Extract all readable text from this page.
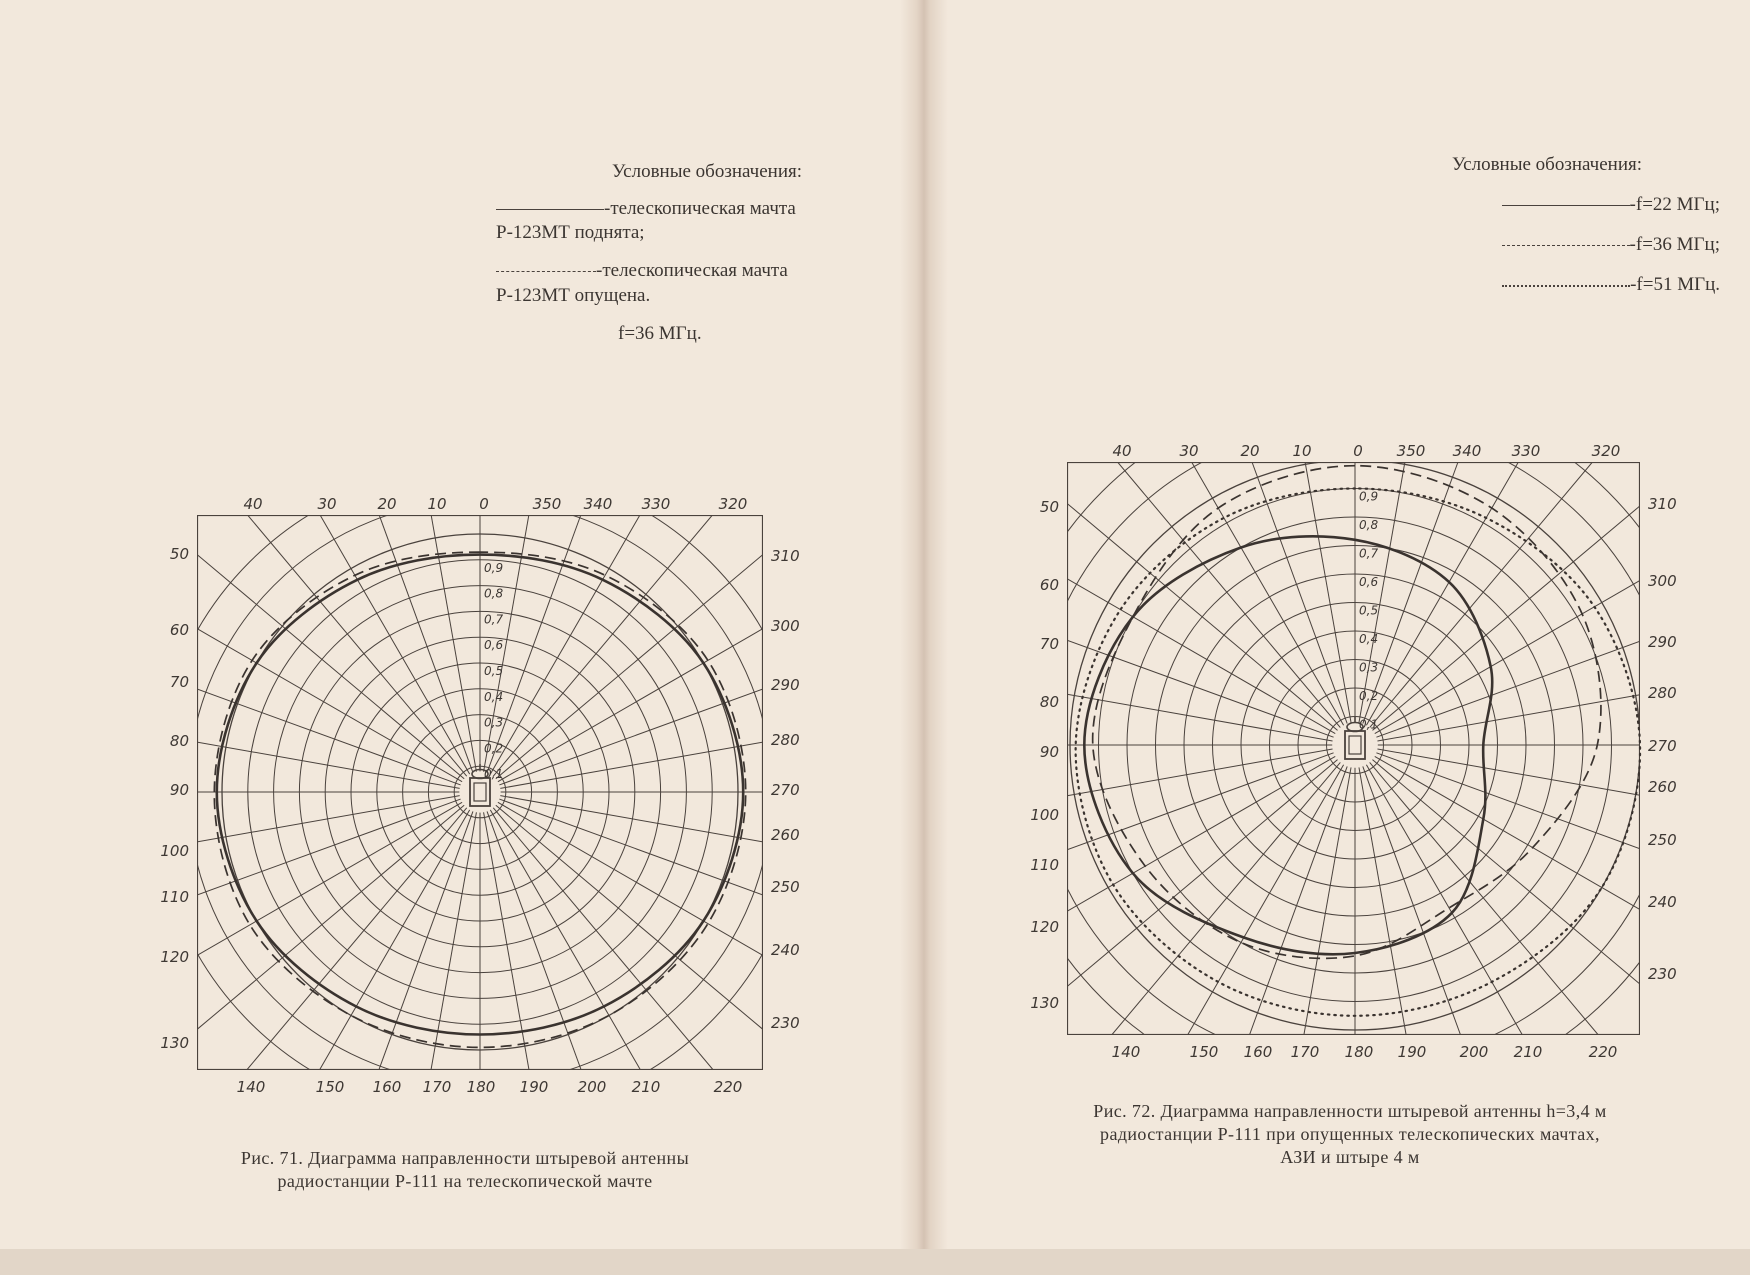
Условные обозначения:
-телескопическая мачта
Р-123МТ поднята;
-телескопическая мачта
Р-123МТ опущена.
f=36 МГц.
0,1
0,2
0,3
0,4
0,5
0,6
0,7
0,8
0,9
40	30	20 10 0	350 340 330	320
140	150 160 170 180 190 200 210	220
50
60
70
80
90
100
110
120
130
310
300
290
280
270
260
250
240
230
Рис. 71. Диаграмма направленности штыревой антенны
радиостанции Р-111 на телескопической мачте
Условные обозначения:
-f=22 МГц;
-f=36 МГц;
-f=51 МГц.
0,1
0,2
0,3
0,4
0,5
0,6
0,7
0,8
0,9
40	30	20 10	0 350 340 330	320
140	150 160 170 180 190 200 210	220
50
60
70
80
90
100
110
120
130
310
300
290
280
270
260
250
240
230
Рис. 72. Диаграмма направленности штыревой антенны h=3,4 м
радиостанции Р-111 при опущенных телескопических мачтах,
АЗИ и штыре 4 м
